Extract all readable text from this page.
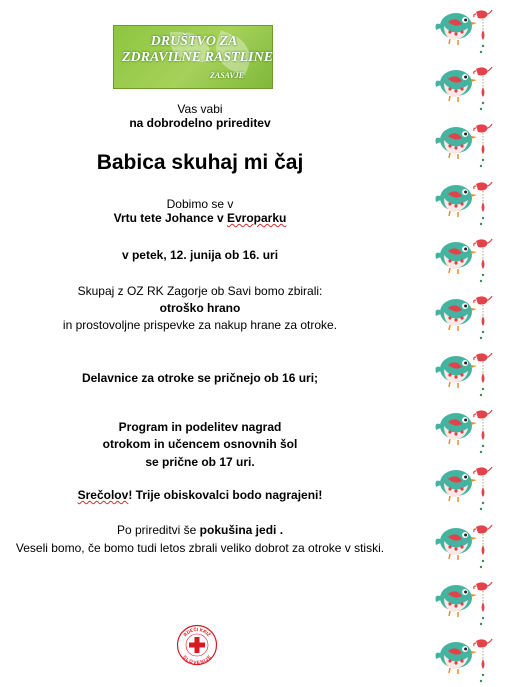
DRUŠTVO ZA
ZDRAVILNE RASTLINE
ZASAVJE
Vas vabi
na dobrodelno prireditev
Babica skuhaj mi čaj
Dobimo se v
Vrtu tete Johance v Evroparku
v petek, 12. junija ob 16. uri
Skupaj z OZ RK Zagorje ob Savi bomo zbirali:
otroško hrano
in prostovoljne prispevke za nakup hrane za otroke.
Delavnice za otroke se pričnejo ob 16 uri;
Program in podelitev nagrad
otrokom in učencem osnovnih šol
se prične ob 17 uri.
Srečolov! Trije obiskovalci bodo nagrajeni!
Po prireditvi še pokušina jedi .
Veseli bomo, če bomo tudi letos zbrali veliko dobrot za otroke v stiski.
RDEČI KRIŽ
SLOVENIJE
